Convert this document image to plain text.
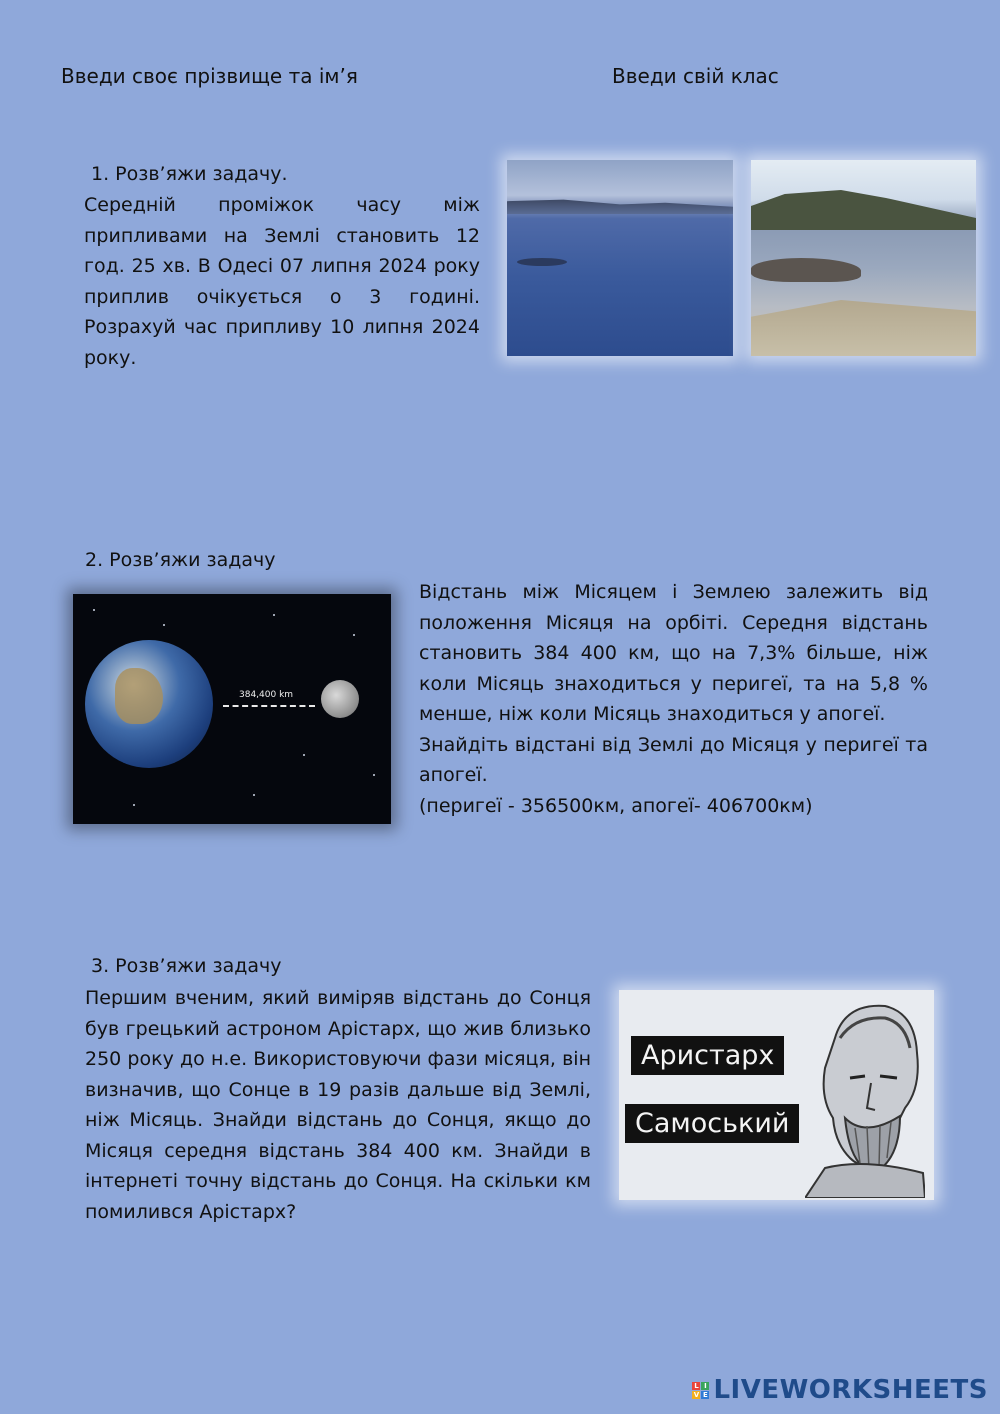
Введи своє прізвище та ім’я	Введи свій клас
1. Розв’яжи задачу.
Середній проміжок часу між припливами на Землі становить 12 год. 25 хв. В Одесі 07 липня 2024 року приплив очікується о 3 годині. Розрахуй час припливу 10 липня 2024 року.
2. Розв’яжи задачу
384,400 km
Відстань між Місяцем і Землею залежить від положення Місяця на орбіті. Середня відстань становить 384 400 км, що на 7,3% більше, ніж коли Місяць знаходиться у перигеї, та на 5,8 % менше, ніж коли Місяць знаходиться у апогеї.
Знайдіть відстані від Землі до Місяця у перигеї та апогеї.
(перигеї - 356500км, апогеї- 406700км)
3. Розв’яжи задачу
Першим вченим, який виміряв відстань до Сонця був грецький астроном Арістарх, що жив близько 250 року до н.е. Використовуючи фази місяця, він визначив, що Сонце в 19 разів дальше від Землі, ніж Місяць. Знайди відстань до Сонця, якщо до Місяця середня відстань 384 400 км. Знайди в інтернеті точну відстань до Сонця. На скільки км помилився Арістарх?
Аристарх
Самоський
L I
V E LIVEWORKSHEETS
